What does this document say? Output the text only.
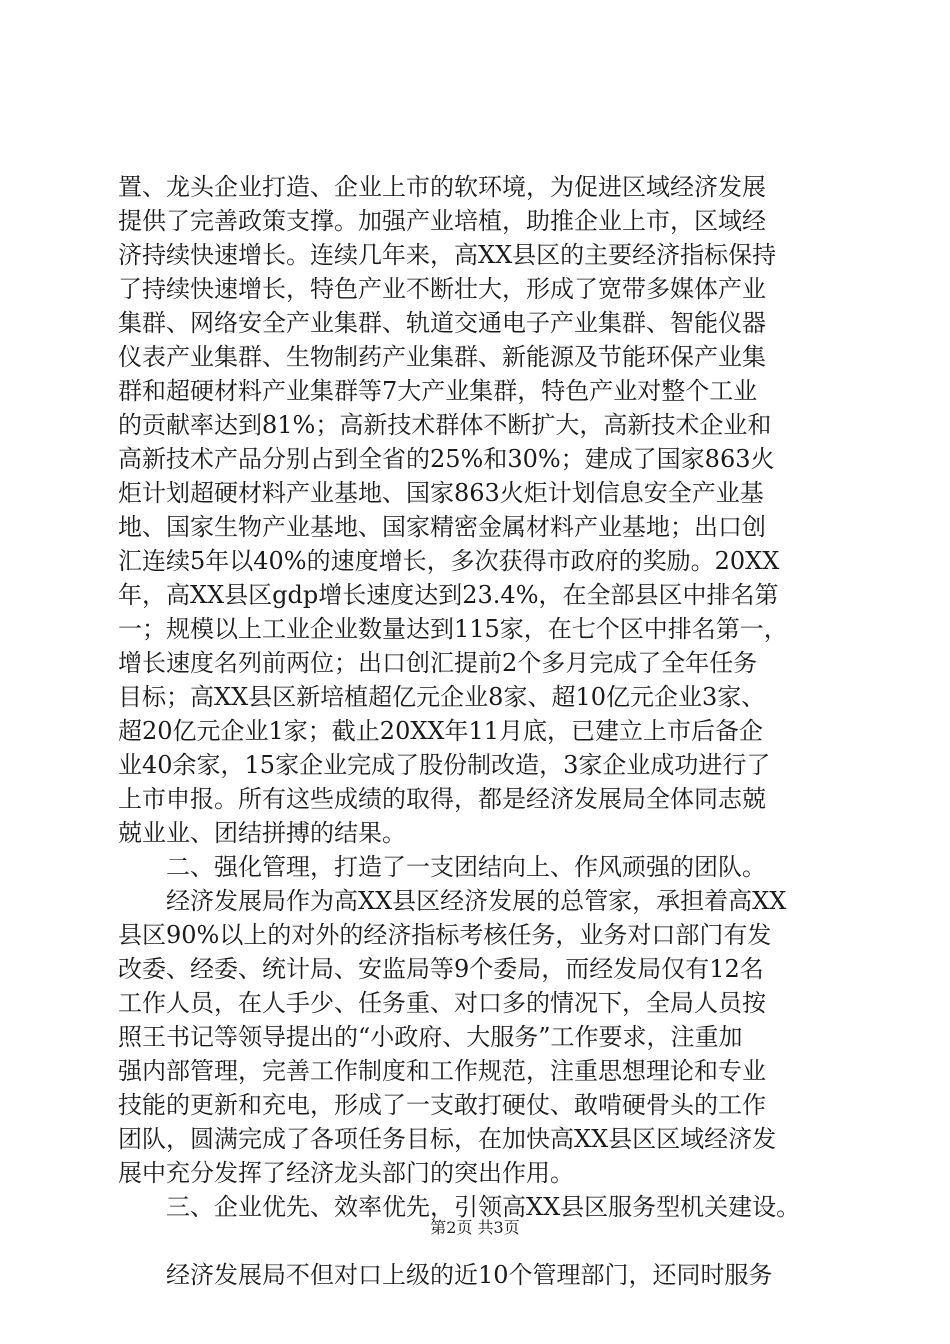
置、龙头企业打造、企业上市的软环境，为促进区域经济发展
提供了完善政策支撑。加强产业培植，助推企业上市，区域经
济持续快速增长。连续几年来，高XX县区的主要经济指标保持
了持续快速增长，特色产业不断壮大，形成了宽带多媒体产业
集群、网络安全产业集群、轨道交通电子产业集群、智能仪器
仪表产业集群、生物制药产业集群、新能源及节能环保产业集
群和超硬材料产业集群等7大产业集群，特色产业对整个工业
的贡献率达到81%；高新技术群体不断扩大，高新技术企业和
高新技术产品分别占到全省的25%和30%；建成了国家863火
炬计划超硬材料产业基地、国家863火炬计划信息安全产业基
地、国家生物产业基地、国家精密金属材料产业基地；出口创
汇连续5年以40%的速度增长，多次获得市政府的奖励。20XX
年，高XX县区gdp增长速度达到23.4%，在全部县区中排名第
一；规模以上工业企业数量达到115家，在七个区中排名第一，
增长速度名列前两位；出口创汇提前2个多月完成了全年任务
目标；高XX县区新培植超亿元企业8家、超10亿元企业3家、
超20亿元企业1家；截止20XX年11月底，已建立上市后备企
业40余家，15家企业完成了股份制改造，3家企业成功进行了
上市申报。所有这些成绩的取得，都是经济发展局全体同志兢
兢业业、团结拼搏的结果。
二、强化管理，打造了一支团结向上、作风顽强的团队。
经济发展局作为高XX县区经济发展的总管家，承担着高XX
县区90%以上的对外的经济指标考核任务，业务对口部门有发
改委、经委、统计局、安监局等9个委局，而经发局仅有12名
工作人员，在人手少、任务重、对口多的情况下，全局人员按
照王书记等领导提出的“小政府、大服务”工作要求，注重加
强内部管理，完善工作制度和工作规范，注重思想理论和专业
技能的更新和充电，形成了一支敢打硬仗、敢啃硬骨头的工作
团队，圆满完成了各项任务目标，在加快高XX县区区域经济发
展中充分发挥了经济龙头部门的突出作用。
三、企业优先、效率优先，引领高XX县区服务型机关建设。
经济发展局不但对口上级的近10个管理部门，还同时服务
第2页 共3页
